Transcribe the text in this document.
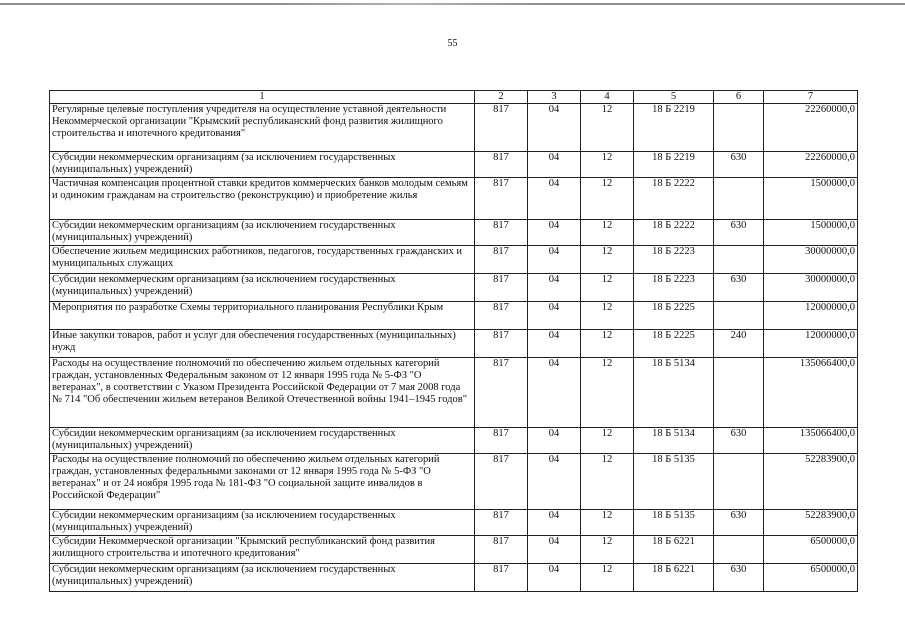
55
1	2	3	4	5	6	7
Регулярные целевые поступления учредителя на осуществление уставной деятельности Некоммерческой организации "Крымский республиканский фонд развития жилищного строительства и ипотечного кредитования"	817	04	12	18 Б 2219		22260000,0
Субсидии некоммерческим организациям (за исключением государственных (муниципальных) учреждений)	817	04	12	18 Б 2219	630	22260000,0
Частичная компенсация процентной ставки кредитов коммерческих банков молодым семьям и одиноким гражданам на строительство (реконструкцию) и приобретение жилья	817	04	12	18 Б 2222		1500000,0
Субсидии некоммерческим организациям (за исключением государственных (муниципальных) учреждений)	817	04	12	18 Б 2222	630	1500000,0
Обеспечение жильем медицинских работников, педагогов, государственных гражданских и муниципальных служащих	817	04	12	18 Б 2223		30000000,0
Субсидии некоммерческим организациям (за исключением государственных (муниципальных) учреждений)	817	04	12	18 Б 2223	630	30000000,0
Мероприятия по разработке Схемы территориального планирования Республики Крым	817	04	12	18 Б 2225		12000000,0
Иные закупки товаров, работ и услуг для обеспечения государственных (муниципальных) нужд	817	04	12	18 Б 2225	240	12000000,0
Расходы на осуществление полномочий по обеспечению жильем отдельных категорий граждан, установленных Федеральным законом от 12 января 1995 года № 5-ФЗ "О ветеранах", в соответствии с Указом Президента Российской Федерации от 7 мая 2008 года № 714 "Об обеспечении жильем ветеранов Великой Отечественной войны 1941–1945 годов"	817	04	12	18 Б 5134		135066400,0
Субсидии некоммерческим организациям (за исключением государственных (муниципальных) учреждений)	817	04	12	18 Б 5134	630	135066400,0
Расходы на осуществление полномочий по обеспечению жильем отдельных категорий граждан, установленных федеральными законами от 12 января 1995 года № 5-ФЗ "О ветеранах" и от 24 ноября 1995 года № 181-ФЗ "О социальной защите инвалидов в Российской Федерации"	817	04	12	18 Б 5135		52283900,0
Субсидии некоммерческим организациям (за исключением государственных (муниципальных) учреждений)	817	04	12	18 Б 5135	630	52283900,0
Субсидии Некоммерческой организации "Крымский республиканский фонд развития жилищного строительства и ипотечного кредитования"	817	04	12	18 Б 6221		6500000,0
Субсидии некоммерческим организациям (за исключением государственных (муниципальных) учреждений)	817	04	12	18 Б 6221	630	6500000,0
